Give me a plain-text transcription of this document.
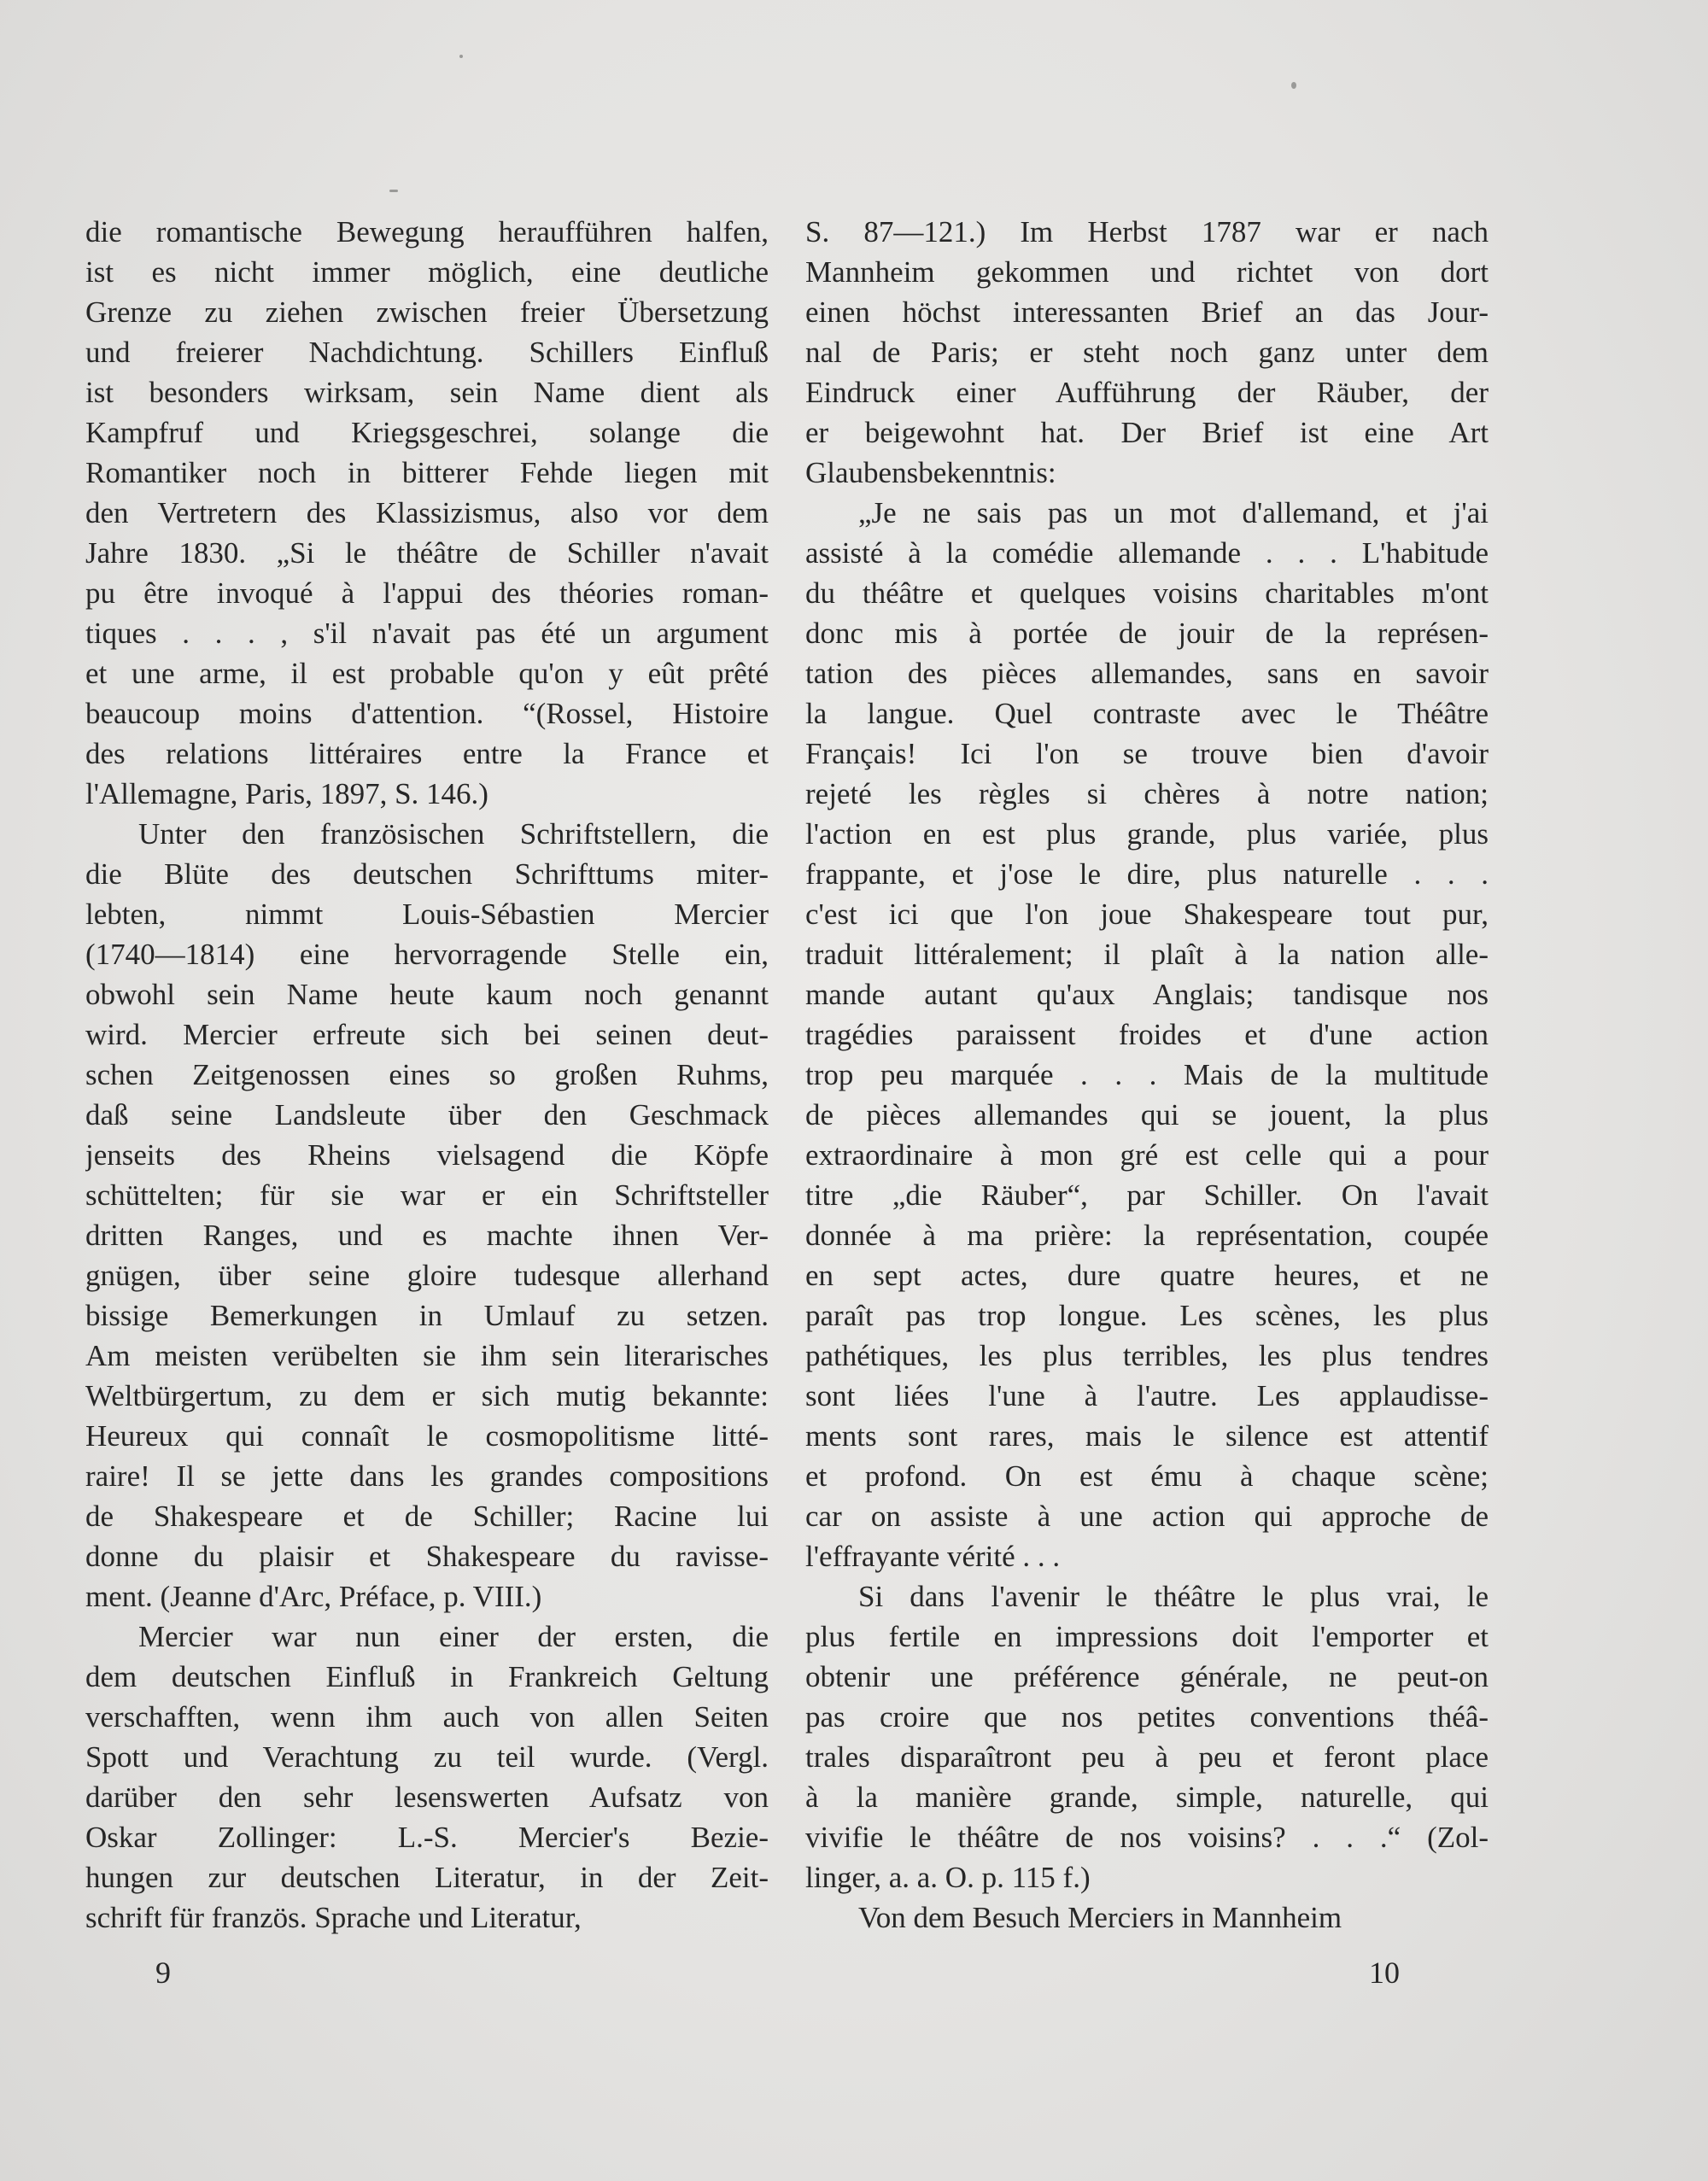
die romantische Bewegung heraufführen halfen,
ist es nicht immer möglich, eine deutliche
Grenze zu ziehen zwischen freier Übersetzung
und freierer Nachdichtung. Schillers Einfluß
ist besonders wirksam, sein Name dient als
Kampfruf und Kriegsgeschrei, solange die
Romantiker noch in bitterer Fehde liegen mit
den Vertretern des Klassizismus, also vor dem
Jahre 1830. „Si le théâtre de Schiller n'avait
pu être invoqué à l'appui des théories roman-
tiques . . . , s'il n'avait pas été un argument
et une arme, il est probable qu'on y eût prêté
beaucoup moins d'attention. “(Rossel, Histoire
des relations littéraires entre la France et
l'Allemagne, Paris, 1897, S. 146.)
Unter den französischen Schriftstellern, die
die Blüte des deutschen Schrifttums miter-
lebten, nimmt Louis-Sébastien Mercier
(1740—1814) eine hervorragende Stelle ein,
obwohl sein Name heute kaum noch genannt
wird. Mercier erfreute sich bei seinen deut-
schen Zeitgenossen eines so großen Ruhms,
daß seine Landsleute über den Geschmack
jenseits des Rheins vielsagend die Köpfe
schüttelten; für sie war er ein Schriftsteller
dritten Ranges, und es machte ihnen Ver-
gnügen, über seine gloire tudesque allerhand
bissige Bemerkungen in Umlauf zu setzen.
Am meisten verübelten sie ihm sein literarisches
Weltbürgertum, zu dem er sich mutig bekannte:
Heureux qui connaît le cosmopolitisme litté-
raire! Il se jette dans les grandes compositions
de Shakespeare et de Schiller; Racine lui
donne du plaisir et Shakespeare du ravisse-
ment. (Jeanne d'Arc, Préface, p. VIII.)
Mercier war nun einer der ersten, die
dem deutschen Einfluß in Frankreich Geltung
verschafften, wenn ihm auch von allen Seiten
Spott und Verachtung zu teil wurde. (Vergl.
darüber den sehr lesenswerten Aufsatz von
Oskar Zollinger: L.-S. Mercier's Bezie-
hungen zur deutschen Literatur, in der Zeit-
schrift für französ. Sprache und Literatur,
S. 87—121.) Im Herbst 1787 war er nach
Mannheim gekommen und richtet von dort
einen höchst interessanten Brief an das Jour-
nal de Paris; er steht noch ganz unter dem
Eindruck einer Aufführung der Räuber, der
er beigewohnt hat. Der Brief ist eine Art
Glaubensbekenntnis:
„Je ne sais pas un mot d'allemand, et j'ai
assisté à la comédie allemande . . . L'habitude
du théâtre et quelques voisins charitables m'ont
donc mis à portée de jouir de la représen-
tation des pièces allemandes, sans en savoir
la langue. Quel contraste avec le Théâtre
Français! Ici l'on se trouve bien d'avoir
rejeté les règles si chères à notre nation;
l'action en est plus grande, plus variée, plus
frappante, et j'ose le dire, plus naturelle . . .
c'est ici que l'on joue Shakespeare tout pur,
traduit littéralement; il plaît à la nation alle-
mande autant qu'aux Anglais; tandisque nos
tragédies paraissent froides et d'une action
trop peu marquée . . . Mais de la multitude
de pièces allemandes qui se jouent, la plus
extraordinaire à mon gré est celle qui a pour
titre „die Räuber“, par Schiller. On l'avait
donnée à ma prière: la représentation, coupée
en sept actes, dure quatre heures, et ne
paraît pas trop longue. Les scènes, les plus
pathétiques, les plus terribles, les plus tendres
sont liées l'une à l'autre. Les applaudisse-
ments sont rares, mais le silence est attentif
et profond. On est ému à chaque scène;
car on assiste à une action qui approche de
l'effrayante vérité . . .
Si dans l'avenir le théâtre le plus vrai, le
plus fertile en impressions doit l'emporter et
obtenir une préférence générale, ne peut-on
pas croire que nos petites conventions théâ-
trales disparaîtront peu à peu et feront place
à la manière grande, simple, naturelle, qui
vivifie le théâtre de nos voisins? . . .“ (Zol-
linger, a. a. O. p. 115 f.)
Von dem Besuch Merciers in Mannheim
9	10
